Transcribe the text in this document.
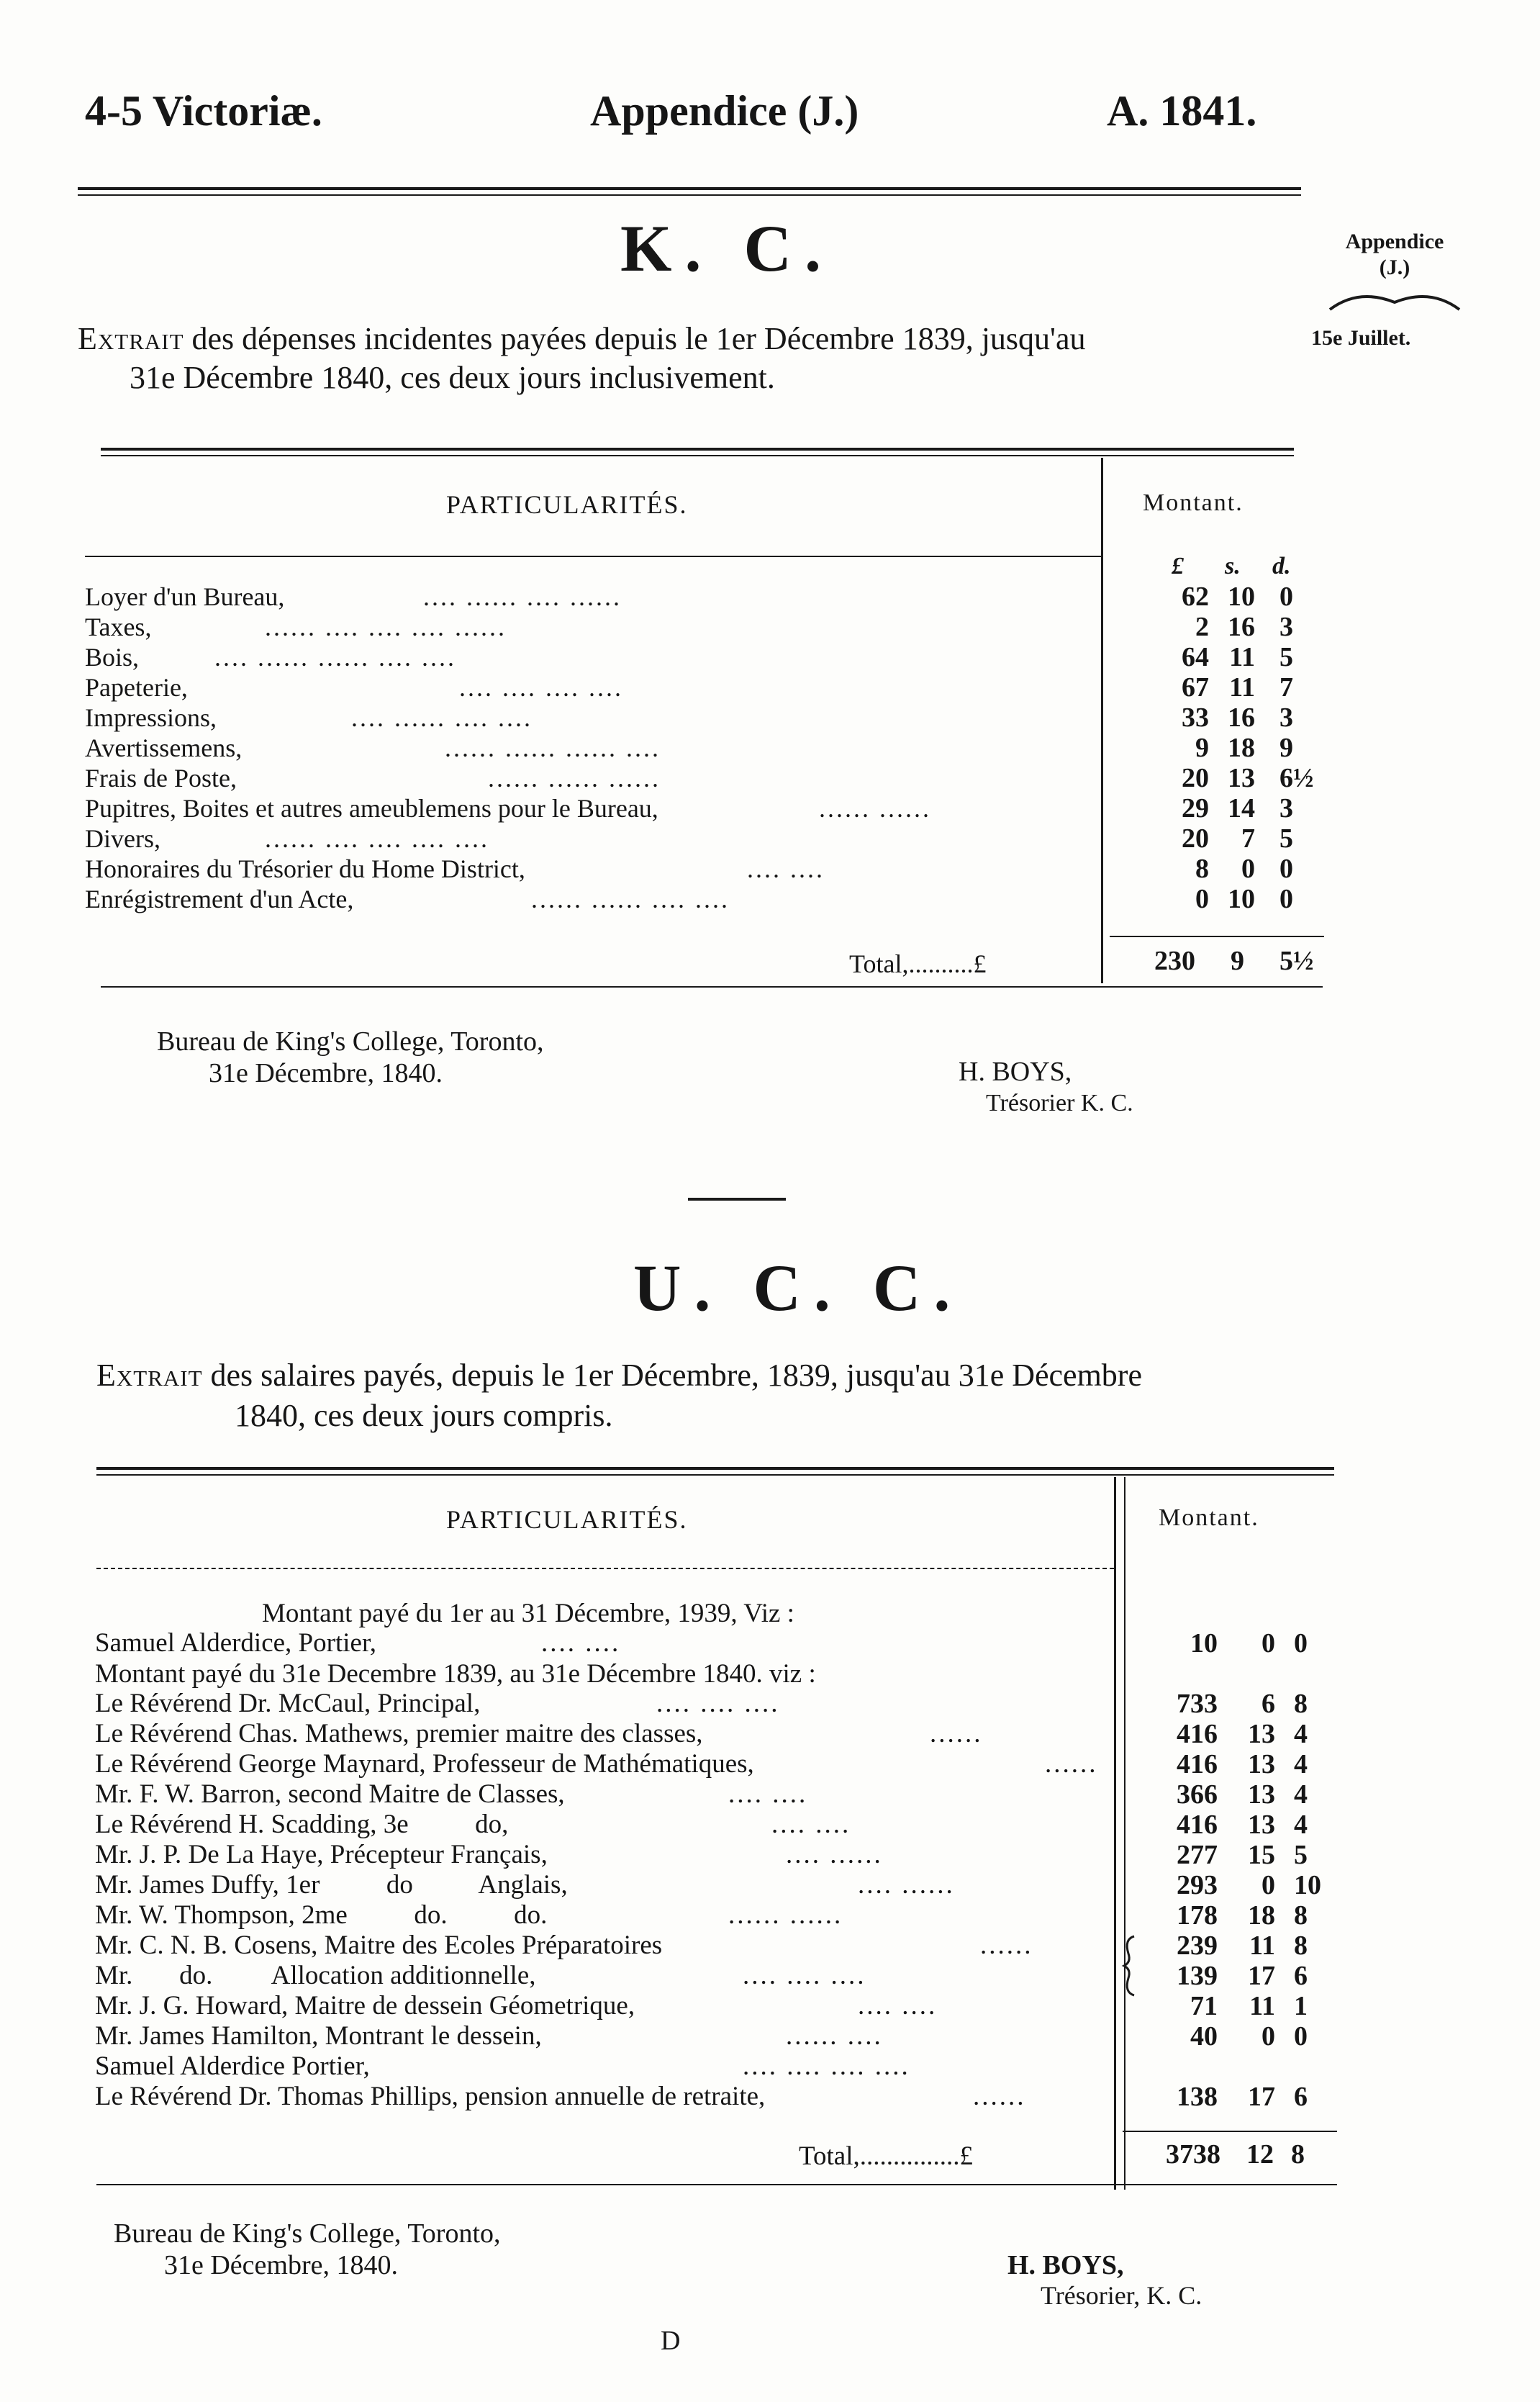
4-5 Victoriæ.	Appendice (J.)	A. 1841.
Appendice
(J.)
15e Juillet.
K. C.
Extrait des dépenses incidentes payées depuis le 1er Décembre 1839, jusqu'au
31e Décembre 1840, ces deux jours inclusivement.
PARTICULARITÉS.	Montant.
£ s. d.
Loyer d'un Bureau,	.... ...... .... ......	62 10 0
Taxes,	...... .... .... .... ......	2 16 3
Bois,	.... ...... ...... .... ....	64 11 5
Papeterie,	.... .... .... ....	67 11 7
Impressions,	.... ...... .... ....	33 16 3
Avertissemens,	...... ...... ...... ....	9 18 9
Frais de Poste,	...... ...... ......	20 13 6½
Pupitres, Boites et autres ameublemens pour le Bureau,	...... ......	29 14 3
Divers,	...... .... .... .... ....	20 7 5
Honoraires du Trésorier du Home District,	.... ....	8 0 0
Enrégistrement d'un Acte,	...... ...... .... ....	0 10 0
Total,..........£	230 9 5½
Bureau de King's College, Toronto,
31e Décembre, 1840.	H. BOYS,
Trésorier K. C.
U. C. C.
Extrait des salaires payés, depuis le 1er Décembre, 1839, jusqu'au 31e Décembre
1840, ces deux jours compris.
PARTICULARITÉS.	Montant.
Montant payé du 1er au 31 Décembre, 1939, Viz :
Montant payé du 31e Decembre 1839, au 31e Décembre 1840. viz :
Samuel Alderdice, Portier,	.... ....	10 0 0
Le Révérend Dr. McCaul, Principal,	.... .... ....	733 6 8
Le Révérend Chas. Mathews, premier maitre des classes,	......	416 13 4
Le Révérend George Maynard, Professeur de Mathématiques,	......	416 13 4
Mr. F. W. Barron, second Maitre de Classes,	.... ....	366 13 4
Le Révérend H. Scadding, 3e          do,	.... ....	416 13 4
Mr. J. P. De La Haye, Précepteur Français,	.... ......	277 15 5
Mr. James Duffy, 1er          do          Anglais,	.... ......	293 0 10
Mr. W. Thompson, 2me          do.          do.	...... ......	178 18 8
Mr. C. N. B. Cosens, Maitre des Ecoles Préparatoires	......	239 11 8
Mr.       do.         Allocation additionnelle,	.... .... ....	139 17 6
Mr. J. G. Howard, Maitre de dessein Géometrique,	.... ....	71 11 1
Mr. James Hamilton, Montrant le dessein,	...... ....	40 0 0
Samuel Alderdice Portier,	.... .... .... ....
Le Révérend Dr. Thomas Phillips, pension annuelle de retraite,	......	138 17 6
Total,...............£	3738 12 8
Bureau de King's College, Toronto,
31e Décembre, 1840.	H. BOYS,
Trésorier, K. C.
D
